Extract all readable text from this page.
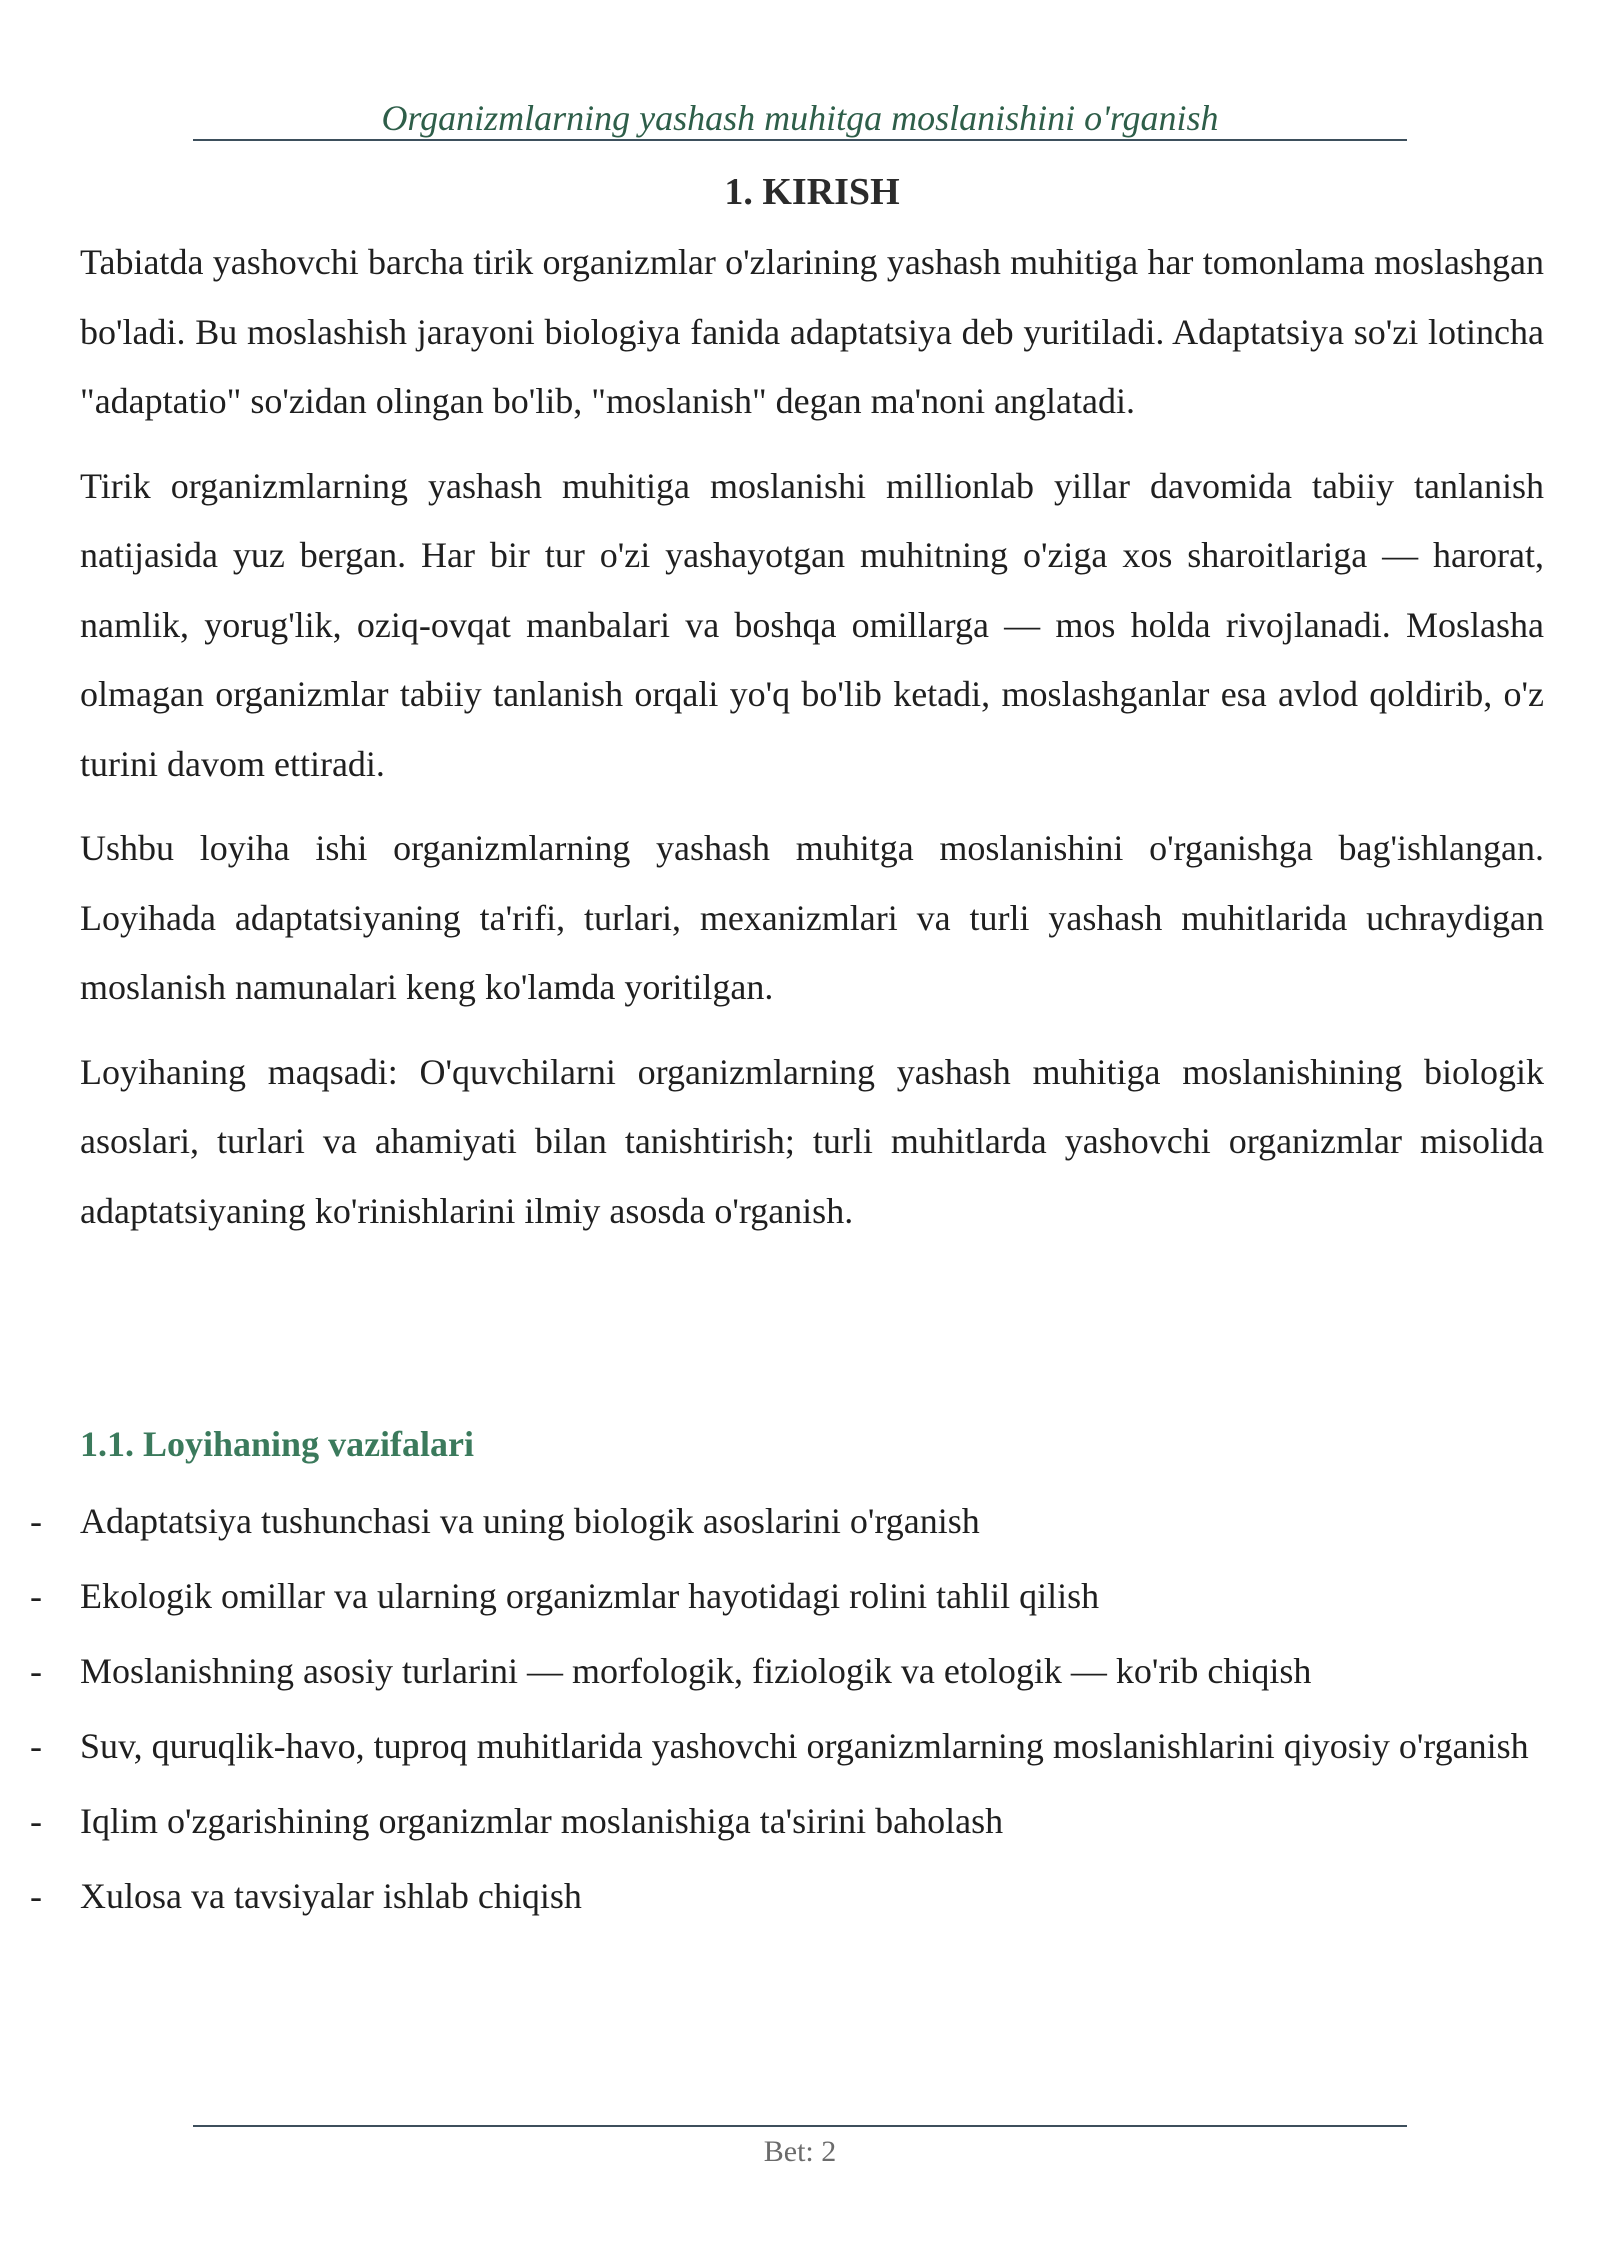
Organizmlarning yashash muhitga moslanishini o'rganish
1. KIRISH

Tabiatda yashovchi barcha tirik organizmlar o'zlarining yashash muhitiga har tomonlama moslashgan bo'ladi. Bu moslashish jarayoni biologiya fanida adaptatsiya deb yuritiladi. Adaptatsiya so'zi lotincha "adaptatio" so'zidan olingan bo'lib, "moslanish" degan ma'noni anglatadi.

Tirik organizmlarning yashash muhitiga moslanishi millionlab yillar davomida tabiiy tanlanish natijasida yuz bergan. Har bir tur o'zi yashayotgan muhitning o'ziga xos sharoitlariga — harorat, namlik, yorug'lik, oziq-ovqat manbalari va boshqa omillarga — mos holda rivojlanadi. Moslasha olmagan organizmlar tabiiy tanlanish orqali yo'q bo'lib ketadi, moslashganlar esa avlod qoldirib, o'z turini davom ettiradi.

Ushbu loyiha ishi organizmlarning yashash muhitga moslanishini o'rganishga bag'ishlangan. Loyihada adaptatsiyaning ta'rifi, turlari, mexanizmlari va turli yashash muhitlarida uchraydigan moslanish namunalari keng ko'lamda yoritilgan.

Loyihaning maqsadi: O'quvchilarni organizmlarning yashash muhitiga moslanishining biologik asoslari, turlari va ahamiyati bilan tanishtirish; turli muhitlarda yashovchi organizmlar misolida adaptatsiyaning ko'rinishlarini ilmiy asosda o'rganish.

1.1. Loyihaning vazifalari
- Adaptatsiya tushunchasi va uning biologik asoslarini o'rganish
- Ekologik omillar va ularning organizmlar hayotidagi rolini tahlil qilish
- Moslanishning asosiy turlarini — morfologik, fiziologik va etologik — ko'rib chiqish
- Suv, quruqlik-havo, tuproq muhitlarida yashovchi organizmlarning moslanishlarini qiyosiy o'rganish
- Iqlim o'zgarishining organizmlar moslanishiga ta'sirini baholash
- Xulosa va tavsiyalar ishlab chiqish
Bet: 2
